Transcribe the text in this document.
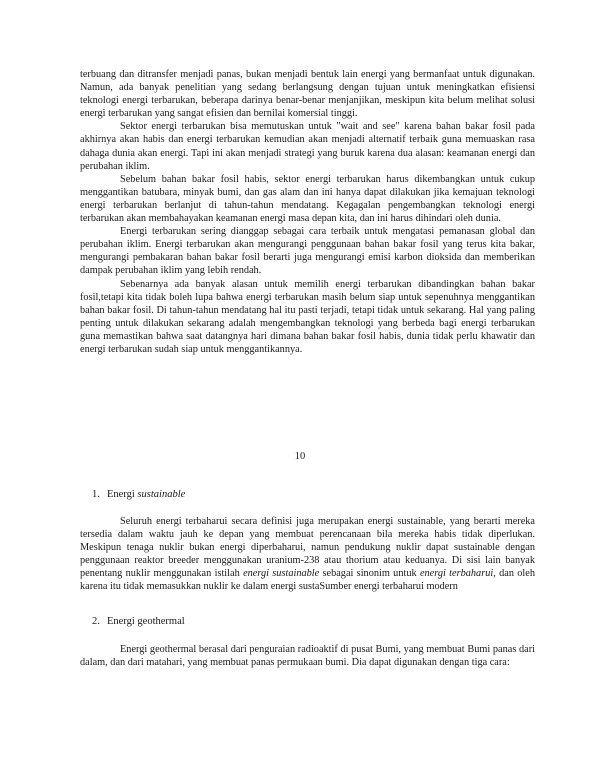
terbuang dan ditransfer menjadi panas, bukan menjadi bentuk lain energi yang bermanfaat untuk digunakan. Namun, ada banyak penelitian yang sedang berlangsung dengan tujuan untuk meningkatkan efisiensi teknologi energi terbarukan, beberapa darinya benar-benar menjanjikan, meskipun kita belum melihat solusi energi terbarukan yang sangat efisien dan bernilai komersial tinggi.

Sektor energi terbarukan bisa memutuskan untuk "wait and see" karena bahan bakar fosil pada akhirnya akan habis dan energi terbarukan kemudian akan menjadi alternatif terbaik guna memuaskan rasa dahaga dunia akan energi. Tapi ini akan menjadi strategi yang buruk karena dua alasan: keamanan energi dan perubahan iklim.

Sebelum bahan bakar fosil habis, sektor energi terbarukan harus dikembangkan untuk cukup menggantikan batubara, minyak bumi, dan gas alam dan ini hanya dapat dilakukan jika kemajuan teknologi energi terbarukan berlanjut di tahun-tahun mendatang. Kegagalan pengembangkan teknologi energi terbarukan akan membahayakan keamanan energi masa depan kita, dan ini harus dihindari oleh dunia.

Energi terbarukan sering dianggap sebagai cara terbaik untuk mengatasi pemanasan global dan perubahan iklim. Energi terbarukan akan mengurangi penggunaan bahan bakar fosil yang terus kita bakar, mengurangi pembakaran bahan bakar fosil berarti juga mengurangi emisi karbon dioksida dan memberikan dampak perubahan iklim yang lebih rendah.

Sebenarnya ada banyak alasan untuk memilih energi terbarukan dibandingkan bahan bakar fosil,tetapi kita tidak boleh lupa bahwa energi terbarukan masih belum siap untuk sepenuhnya menggantikan bahan bakar fosil. Di tahun-tahun mendatang hal itu pasti terjadi, tetapi tidak untuk sekarang. Hal yang paling penting untuk dilakukan sekarang adalah mengembangkan teknologi yang berbeda bagi energi terbarukan guna memastikan bahwa saat datangnya hari dimana bahan bakar fosil habis, dunia tidak perlu khawatir dan energi terbarukan sudah siap untuk menggantikannya.

10
1. Energi sustainable

Seluruh energi terbaharui secara definisi juga merupakan energi sustainable, yang berarti mereka tersedia dalam waktu jauh ke depan yang membuat perencanaan bila mereka habis tidak diperlukan. Meskipun tenaga nuklir bukan energi diperbaharui, namun pendukung nuklir dapat sustainable dengan penggunaan reaktor breeder menggunakan uranium-238 atau thorium atau keduanya. Di sisi lain banyak penentang nuklir menggunakan istilah energi sustainable sebagai sinonim untuk energi terbaharui, dan oleh karena itu tidak memasukkan nuklir ke dalam energi sustaSumber energi terbaharui modern

2. Energi geothermal

Energi geothermal berasal dari penguraian radioaktif di pusat Bumi, yang membuat Bumi panas dari dalam, dan dari matahari, yang membuat panas permukaan bumi. Dia dapat digunakan dengan tiga cara:
